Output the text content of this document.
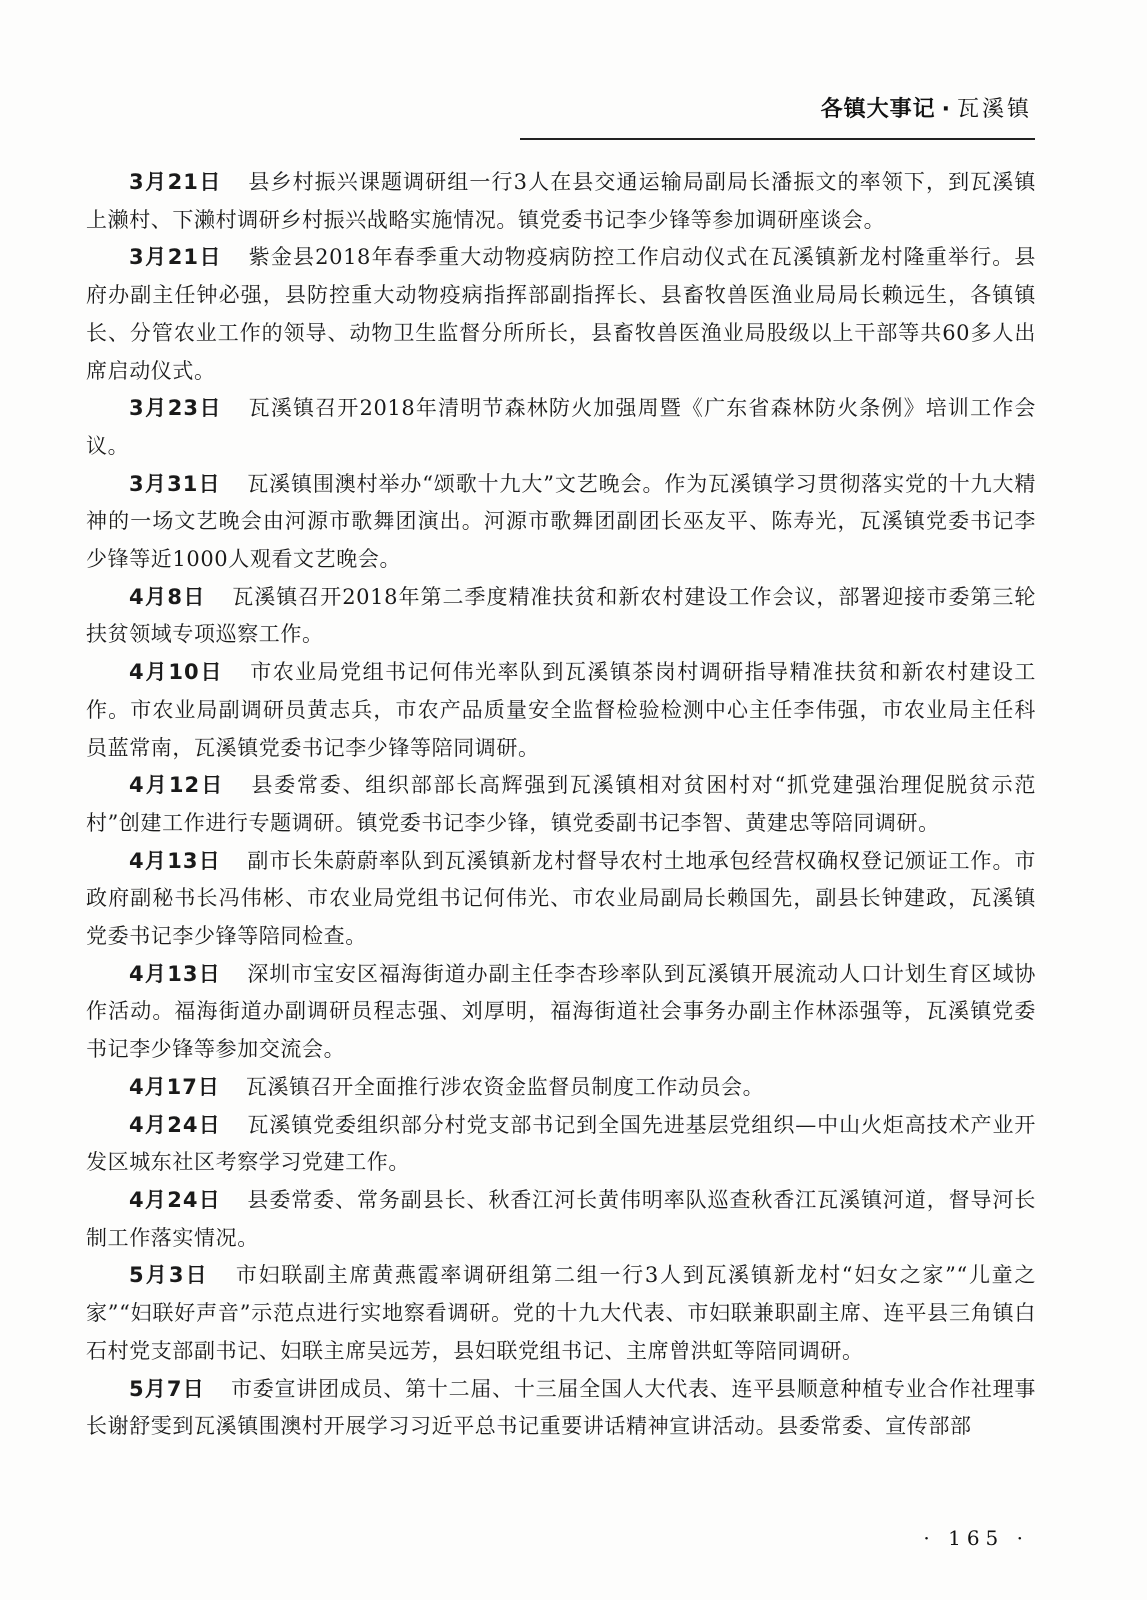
各镇大事记 · 瓦溪镇

3月21日 县乡村振兴课题调研组一行3人在县交通运输局副局长潘振文的率领下，到瓦溪镇上濑村、下濑村调研乡村振兴战略实施情况。镇党委书记李少锋等参加调研座谈会。

3月21日 紫金县2018年春季重大动物疫病防控工作启动仪式在瓦溪镇新龙村隆重举行。县府办副主任钟必强，县防控重大动物疫病指挥部副指挥长、县畜牧兽医渔业局局长赖远生，各镇镇长、分管农业工作的领导、动物卫生监督分所所长，县畜牧兽医渔业局股级以上干部等共60多人出席启动仪式。

3月23日 瓦溪镇召开2018年清明节森林防火加强周暨《广东省森林防火条例》培训工作会议。

3月31日 瓦溪镇围澳村举办“颂歌十九大”文艺晚会。作为瓦溪镇学习贯彻落实党的十九大精神的一场文艺晚会由河源市歌舞团演出。河源市歌舞团副团长巫友平、陈寿光，瓦溪镇党委书记李少锋等近1000人观看文艺晚会。

4月8日 瓦溪镇召开2018年第二季度精准扶贫和新农村建设工作会议，部署迎接市委第三轮扶贫领域专项巡察工作。

4月10日 市农业局党组书记何伟光率队到瓦溪镇茶岗村调研指导精准扶贫和新农村建设工作。市农业局副调研员黄志兵，市农产品质量安全监督检验检测中心主任李伟强，市农业局主任科员蓝常南，瓦溪镇党委书记李少锋等陪同调研。

4月12日 县委常委、组织部部长高辉强到瓦溪镇相对贫困村对“抓党建强治理促脱贫示范村”创建工作进行专题调研。镇党委书记李少锋，镇党委副书记李智、黄建忠等陪同调研。

4月13日 副市长朱蔚蔚率队到瓦溪镇新龙村督导农村土地承包经营权确权登记颁证工作。市政府副秘书长冯伟彬、市农业局党组书记何伟光、市农业局副局长赖国先，副县长钟建政，瓦溪镇党委书记李少锋等陪同检查。

4月13日 深圳市宝安区福海街道办副主任李杏珍率队到瓦溪镇开展流动人口计划生育区域协作活动。福海街道办副调研员程志强、刘厚明，福海街道社会事务办副主作林添强等，瓦溪镇党委书记李少锋等参加交流会。

4月17日 瓦溪镇召开全面推行涉农资金监督员制度工作动员会。

4月24日 瓦溪镇党委组织部分村党支部书记到全国先进基层党组织—中山火炬高技术产业开发区城东社区考察学习党建工作。

4月24日 县委常委、常务副县长、秋香江河长黄伟明率队巡查秋香江瓦溪镇河道，督导河长制工作落实情况。

5月3日 市妇联副主席黄燕霞率调研组第二组一行3人到瓦溪镇新龙村“妇女之家”“儿童之家”“妇联好声音”示范点进行实地察看调研。党的十九大代表、市妇联兼职副主席、连平县三角镇白石村党支部副书记、妇联主席吴远芳，县妇联党组书记、主席曾洪虹等陪同调研。

5月7日 市委宣讲团成员、第十二届、十三届全国人大代表、连平县顺意种植专业合作社理事长谢舒雯到瓦溪镇围澳村开展学习习近平总书记重要讲话精神宣讲活动。县委常委、宣传部部

· 165 ·
